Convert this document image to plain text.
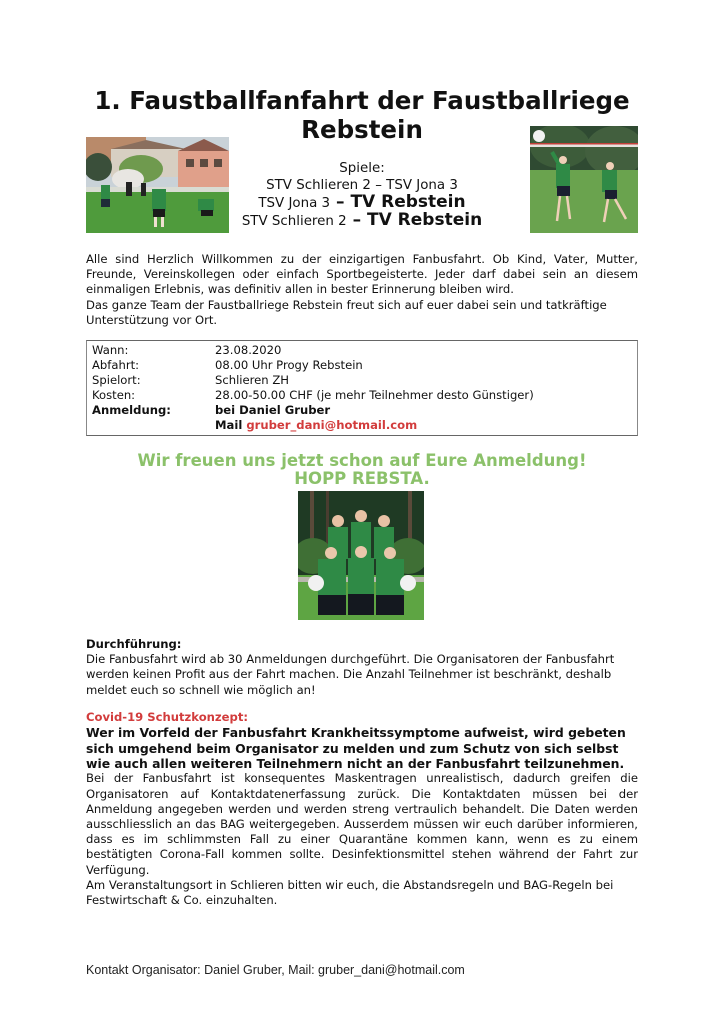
1. Faustballfanfahrt der Faustballriege
Rebstein
Spiele:
STV Schlieren 2 – TSV Jona 3
TSV Jona 3 – TV Rebstein
STV Schlieren 2 – TV Rebstein
Alle sind Herzlich Willkommen zu der einzigartigen Fanbusfahrt. Ob Kind, Vater, Mutter, Freunde, Vereinskollegen oder einfach Sportbegeisterte. Jeder darf dabei sein an diesem einmaligen Erlebnis, was definitiv allen in bester Erinnerung bleiben wird.
Das ganze Team der Faustballriege Rebstein freut sich auf euer dabei sein und tatkräftige Unterstützung vor Ort.
Wann:	23.08.2020
Abfahrt:	08.00 Uhr Progy Rebstein
Spielort:	Schlieren ZH
Kosten:	28.00-50.00 CHF (je mehr Teilnehmer desto Günstiger)
Anmeldung:	bei Daniel Gruber
Mail gruber_dani@hotmail.com
Wir freuen uns jetzt schon auf Eure Anmeldung!
HOPP REBSTA.
Durchführung:
Die Fanbusfahrt wird ab 30 Anmeldungen durchgeführt. Die Organisatoren der Fanbusfahrt werden keinen Profit aus der Fahrt machen. Die Anzahl Teilnehmer ist beschränkt, deshalb meldet euch so schnell wie möglich an!
Covid-19 Schutzkonzept:
Wer im Vorfeld der Fanbusfahrt Krankheitssymptome aufweist, wird gebeten sich umgehend beim Organisator zu melden und zum Schutz von sich selbst wie auch allen weiteren Teilnehmern nicht an der Fanbusfahrt teilzunehmen.
Bei der Fanbusfahrt ist konsequentes Maskentragen unrealistisch, dadurch greifen die Organisatoren auf Kontaktdatenerfassung zurück. Die Kontaktdaten müssen bei der Anmeldung angegeben werden und werden streng vertraulich behandelt. Die Daten werden ausschliesslich an das BAG weitergegeben. Ausserdem müssen wir euch darüber informieren, dass es im schlimmsten Fall zu einer Quarantäne kommen kann, wenn es zu einem bestätigten Corona-Fall kommen sollte. Desinfektionsmittel stehen während der Fahrt zur Verfügung.
Am Veranstaltungsort in Schlieren bitten wir euch, die Abstandsregeln und BAG-Regeln bei Festwirtschaft & Co. einzuhalten.
Kontakt Organisator: Daniel Gruber, Mail: gruber_dani@hotmail.com
